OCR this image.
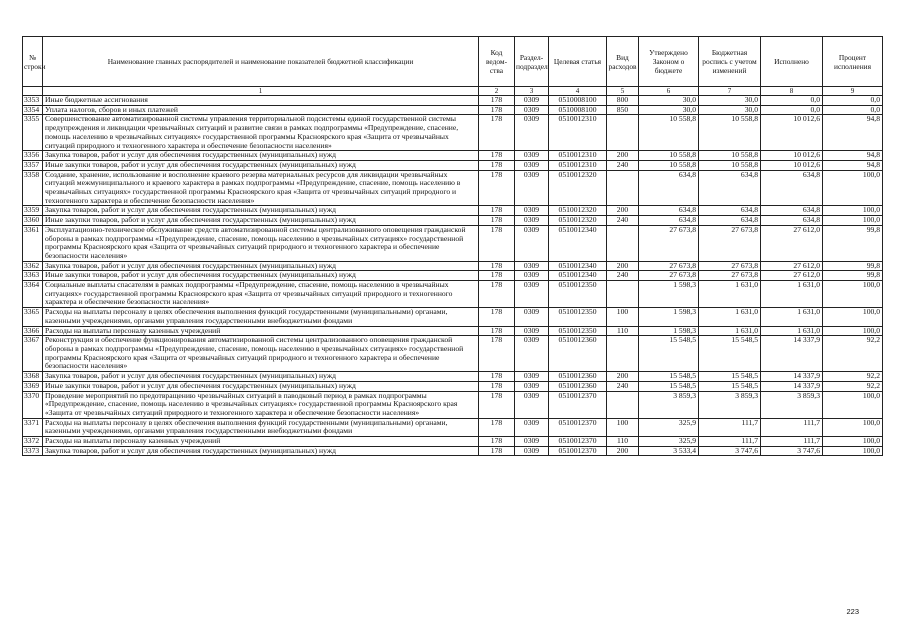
№ строки	Наименование главных распорядителей и наименование показателей бюджетной классификации	Код ведом-ства	Раздел-подраздел	Целевая статья	Вид расходов	Утверждено Законом о бюджете	Бюджетная роспись с учетом изменений	Исполнено	Процент исполнения
	1	2	3	4	5	6	7	8	9
3353	Иные бюджетные ассигнования	178	0309	0510008100	800	30,0	30,0	0,0	0,0
3354	Уплата налогов, сборов и иных платежей	178	0309	0510008100	850	30,0	30,0	0,0	0,0
3355	Совершенствование автоматизированной системы управления территориальной подсистемы единой государственной системы предупреждения и ликвидации чрезвычайных ситуаций и развитие связи в рамках подпрограммы «Предупреждение, спасение, помощь населению в чрезвычайных ситуациях» государственной программы Красноярского края «Защита от чрезвычайных ситуаций природного и техногенного характера и обеспечение безопасности населения»	178	0309	0510012310		10 558,8	10 558,8	10 012,6	94,8
3356	Закупка товаров, работ и услуг для обеспечения государственных (муниципальных) нужд	178	0309	0510012310	200	10 558,8	10 558,8	10 012,6	94,8
3357	Иные закупки товаров, работ и услуг для обеспечения государственных (муниципальных) нужд	178	0309	0510012310	240	10 558,8	10 558,8	10 012,6	94,8
3358	Создание, хранение, использование и восполнение краевого резерва материальных ресурсов для ликвидации чрезвычайных ситуаций межмуниципального и краевого характера в рамках подпрограммы «Предупреждение, спасение, помощь населению в чрезвычайных ситуациях» государственной программы Красноярского края «Защита от чрезвычайных ситуаций природного и техногенного характера и обеспечение безопасности населения»	178	0309	0510012320		634,8	634,8	634,8	100,0
3359	Закупка товаров, работ и услуг для обеспечения государственных (муниципальных) нужд	178	0309	0510012320	200	634,8	634,8	634,8	100,0
3360	Иные закупки товаров, работ и услуг для обеспечения государственных (муниципальных) нужд	178	0309	0510012320	240	634,8	634,8	634,8	100,0
3361	Эксплуатационно-техническое обслуживание средств автоматизированной системы централизованного оповещения гражданской обороны в рамках подпрограммы «Предупреждение, спасение, помощь населению в чрезвычайных ситуациях» государственной программы Красноярского края «Защита от чрезвычайных ситуаций природного и техногенного характера и обеспечение безопасности населения»	178	0309	0510012340		27 673,8	27 673,8	27 612,0	99,8
3362	Закупка товаров, работ и услуг для обеспечения государственных (муниципальных) нужд	178	0309	0510012340	200	27 673,8	27 673,8	27 612,0	99,8
3363	Иные закупки товаров, работ и услуг для обеспечения государственных (муниципальных) нужд	178	0309	0510012340	240	27 673,8	27 673,8	27 612,0	99,8
3364	Социальные выплаты спасателям в рамках подпрограммы «Предупреждение, спасение, помощь населению в чрезвычайных ситуациях» государственной программы Красноярского края «Защита от чрезвычайных ситуаций природного и техногенного характера и обеспечение безопасности населения»	178	0309	0510012350		1 598,3	1 631,0	1 631,0	100,0
3365	Расходы на выплаты персоналу в целях обеспечения выполнения функций государственными (муниципальными) органами, казенными учреждениями, органами управления государственными внебюджетными фондами	178	0309	0510012350	100	1 598,3	1 631,0	1 631,0	100,0
3366	Расходы на выплаты персоналу казенных учреждений	178	0309	0510012350	110	1 598,3	1 631,0	1 631,0	100,0
3367	Реконструкция и обеспечение функционирования автоматизированной системы централизованного оповещения гражданской обороны в рамках подпрограммы «Предупреждение, спасение, помощь населению в чрезвычайных ситуациях» государственной программы Красноярского края «Защита от чрезвычайных ситуаций природного и техногенного характера и обеспечение безопасности населения»	178	0309	0510012360		15 548,5	15 548,5	14 337,9	92,2
3368	Закупка товаров, работ и услуг для обеспечения государственных (муниципальных) нужд	178	0309	0510012360	200	15 548,5	15 548,5	14 337,9	92,2
3369	Иные закупки товаров, работ и услуг для обеспечения государственных (муниципальных) нужд	178	0309	0510012360	240	15 548,5	15 548,5	14 337,9	92,2
3370	Проведение мероприятий по предотвращению чрезвычайных ситуаций в паводковый период в рамках подпрограммы «Предупреждение, спасение, помощь населению в чрезвычайных ситуациях» государственной программы Красноярского края «Защита от чрезвычайных ситуаций природного и техногенного характера и обеспечение безопасности населения»	178	0309	0510012370		3 859,3	3 859,3	3 859,3	100,0
3371	Расходы на выплаты персоналу в целях обеспечения выполнения функций государственными (муниципальными) органами, казенными учреждениями, органами управления государственными внебюджетными фондами	178	0309	0510012370	100	325,9	111,7	111,7	100,0
3372	Расходы на выплаты персоналу казенных учреждений	178	0309	0510012370	110	325,9	111,7	111,7	100,0
3373	Закупка товаров, работ и услуг для обеспечения государственных (муниципальных) нужд	178	0309	0510012370	200	3 533,4	3 747,6	3 747,6	100,0
223
